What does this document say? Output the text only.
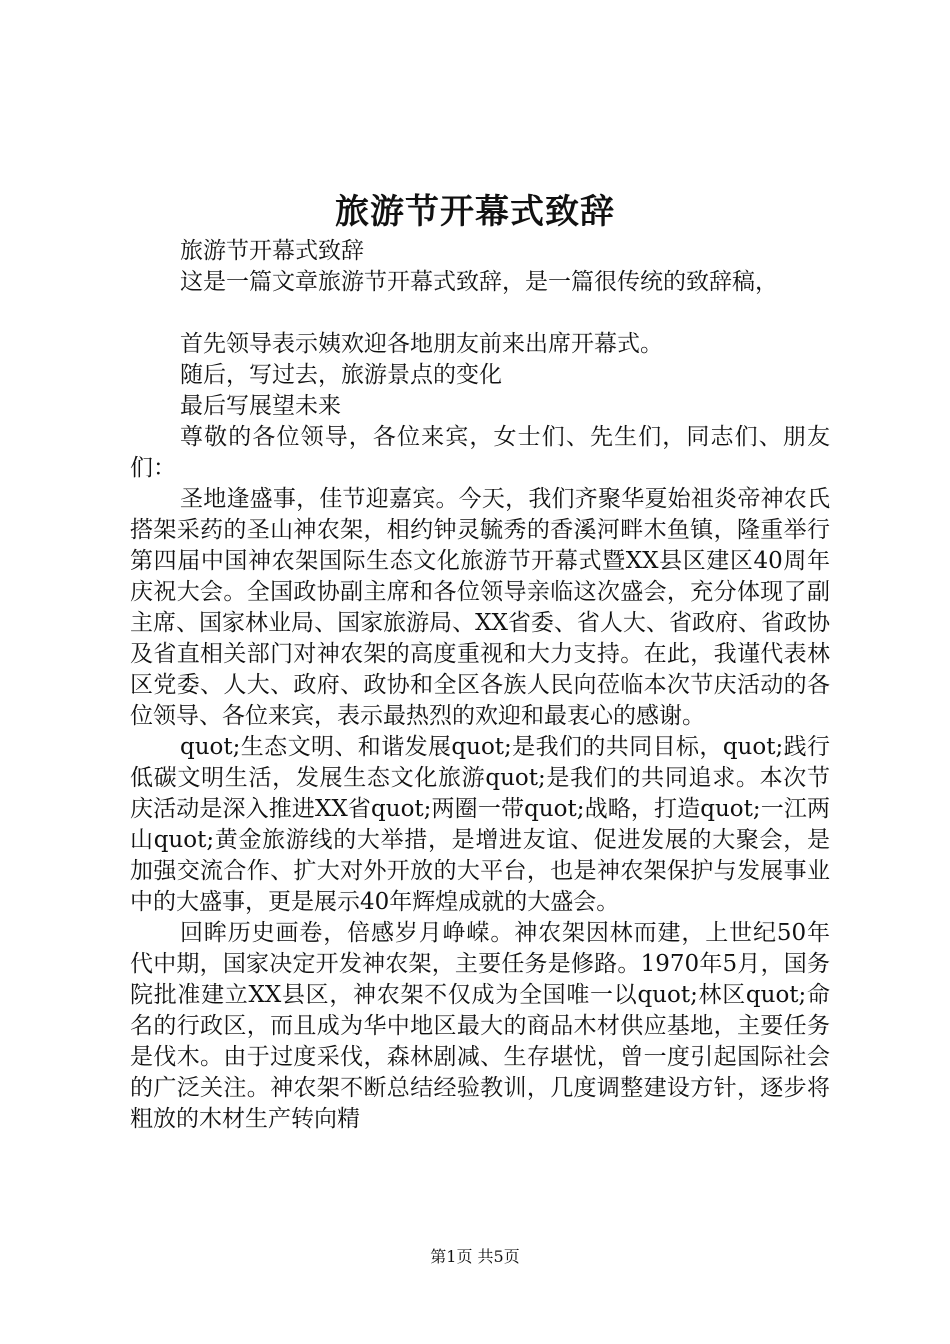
旅游节开幕式致辞

旅游节开幕式致辞

这是一篇文章旅游节开幕式致辞，是一篇很传统的致辞稿，

首先领导表示姨欢迎各地朋友前来出席开幕式。

随后，写过去，旅游景点的变化

最后写展望未来

尊敬的各位领导，各位来宾，女士们、先生们，同志们、朋友们：

圣地逢盛事，佳节迎嘉宾。今天，我们齐聚华夏始祖炎帝神农氏搭架采药的圣山神农架，相约钟灵毓秀的香溪河畔木鱼镇，隆重举行第四届中国神农架国际生态文化旅游节开幕式暨XX县区建区40周年庆祝大会。全国政协副主席和各位领导亲临这次盛会，充分体现了副主席、国家林业局、国家旅游局、XX省委、省人大、省政府、省政协及省直相关部门对神农架的高度重视和大力支持。在此，我谨代表林区党委、人大、政府、政协和全区各族人民向莅临本次节庆活动的各位领导、各位来宾，表示最热烈的欢迎和最衷心的感谢。

quot;生态文明、和谐发展quot;是我们的共同目标，quot;践行低碳文明生活，发展生态文化旅游quot;是我们的共同追求。本次节庆活动是深入推进XX省quot;两圈一带quot;战略，打造quot;一江两山quot;黄金旅游线的大举措，是增进友谊、促进发展的大聚会，是加强交流合作、扩大对外开放的大平台，也是神农架保护与发展事业中的大盛事，更是展示40年辉煌成就的大盛会。

回眸历史画卷，倍感岁月峥嵘。神农架因林而建，上世纪50年代中期，国家决定开发神农架，主要任务是修路。1970年5月，国务院批准建立XX县区，神农架不仅成为全国唯一以quot;林区quot;命名的行政区，而且成为华中地区最大的商品木材供应基地，主要任务是伐木。由于过度采伐，森林剧减、生存堪忧，曾一度引起国际社会的广泛关注。神农架不断总结经验教训，几度调整建设方针，逐步将粗放的木材生产转向精

第1页 共5页
